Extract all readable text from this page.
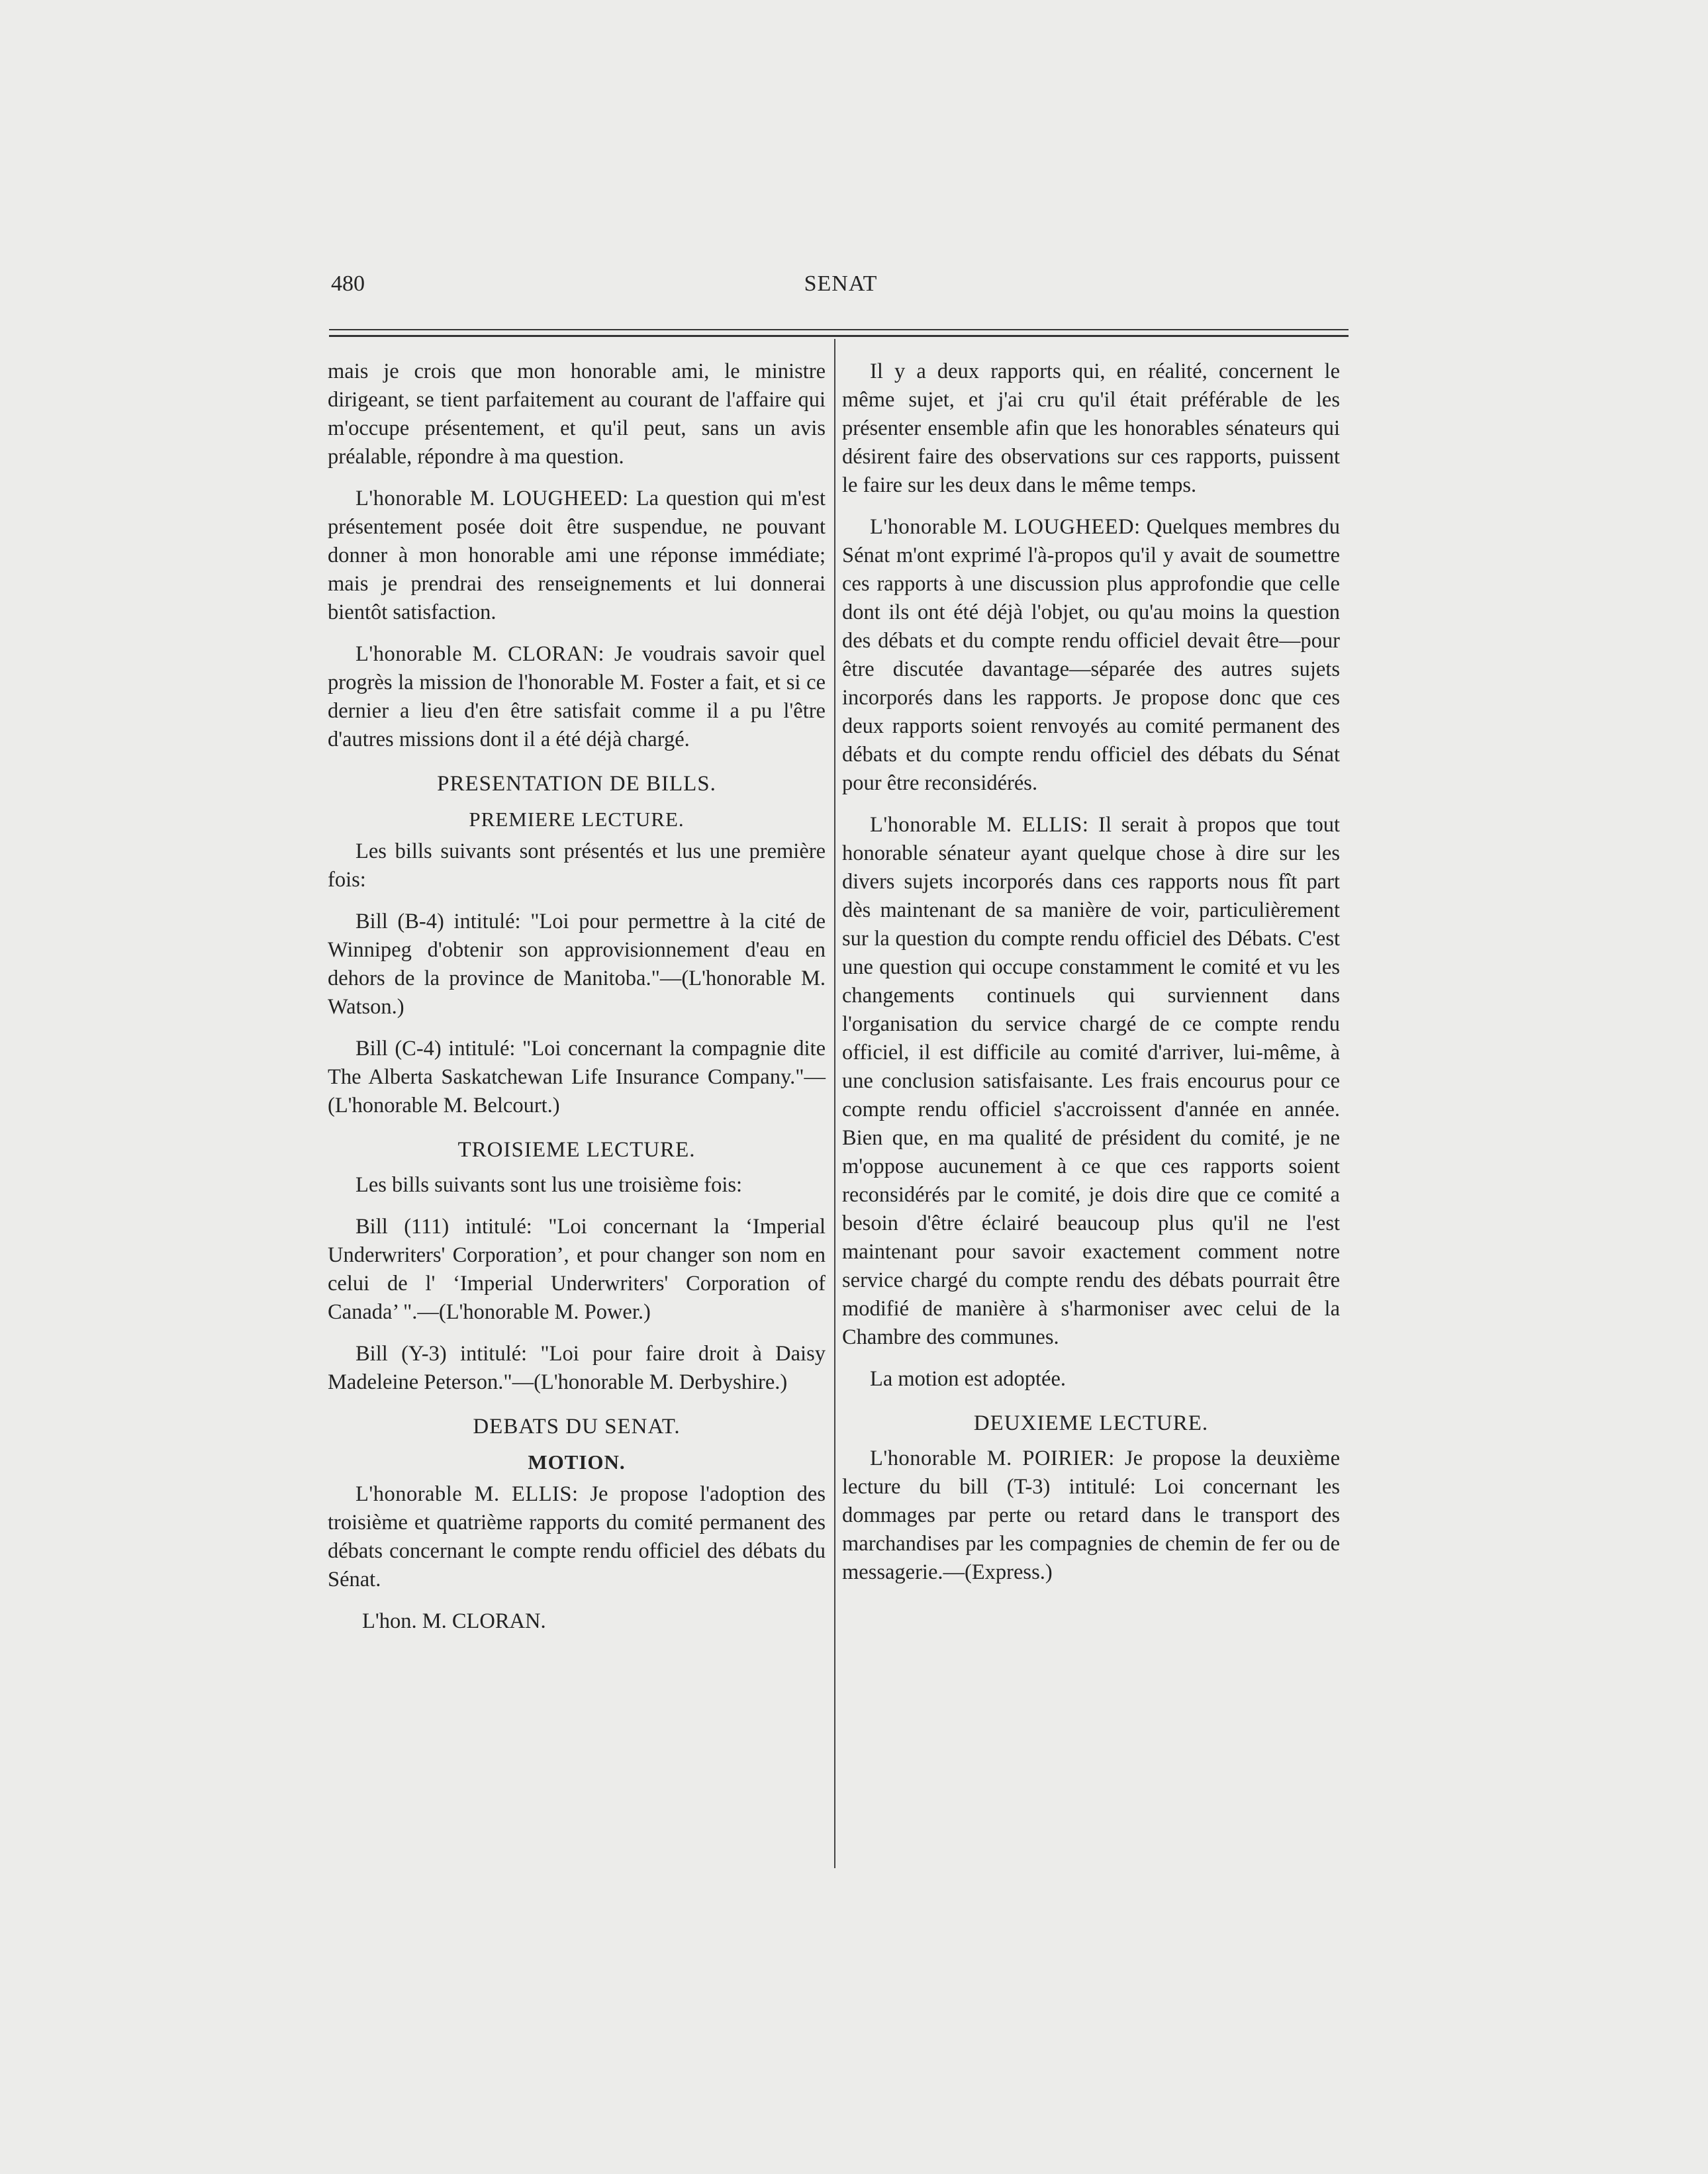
480	SENAT

mais je crois que mon honorable ami, le ministre dirigeant, se tient parfaitement au courant de l'affaire qui m'occupe présentement, et qu'il peut, sans un avis préalable, répondre à ma question.

L'honorable M. LOUGHEED: La question qui m'est présentement posée doit être suspendue, ne pouvant donner à mon honorable ami une réponse immédiate; mais je prendrai des renseignements et lui donnerai bientôt satisfaction.

L'honorable M. CLORAN: Je voudrais savoir quel progrès la mission de l'honorable M. Foster a fait, et si ce dernier a lieu d'en être satisfait comme il a pu l'être d'autres missions dont il a été déjà chargé.

PRESENTATION DE BILLS.
PREMIERE LECTURE.

Les bills suivants sont présentés et lus une première fois:

Bill (B-4) intitulé: "Loi pour permettre à la cité de Winnipeg d'obtenir son approvisionnement d'eau en dehors de la province de Manitoba."—(L'honorable M. Watson.)

Bill (C-4) intitulé: "Loi concernant la compagnie dite The Alberta Saskatchewan Life Insurance Company."—(L'honorable M. Belcourt.)

TROISIEME LECTURE.

Les bills suivants sont lus une troisième fois:

Bill (111) intitulé: "Loi concernant la ‘Imperial Underwriters' Corporation’, et pour changer son nom en celui de l' ‘Imperial Underwriters' Corporation of Canada’ ".—(L'honorable M. Power.)

Bill (Y-3) intitulé: "Loi pour faire droit à Daisy Madeleine Peterson."—(L'honorable M. Derbyshire.)

DEBATS DU SENAT.
MOTION.

L'honorable M. ELLIS: Je propose l'adoption des troisième et quatrième rapports du comité permanent des débats concernant le compte rendu officiel des débats du Sénat.

L'hon. M. CLORAN.

Il y a deux rapports qui, en réalité, concernent le même sujet, et j'ai cru qu'il était préférable de les présenter ensemble afin que les honorables sénateurs qui désirent faire des observations sur ces rapports, puissent le faire sur les deux dans le même temps.

L'honorable M. LOUGHEED: Quelques membres du Sénat m'ont exprimé l'à-propos qu'il y avait de soumettre ces rapports à une discussion plus approfondie que celle dont ils ont été déjà l'objet, ou qu'au moins la question des débats et du compte rendu officiel devait être—pour être discutée davantage—séparée des autres sujets incorporés dans les rapports. Je propose donc que ces deux rapports soient renvoyés au comité permanent des débats et du compte rendu officiel des débats du Sénat pour être reconsidérés.

L'honorable M. ELLIS: Il serait à propos que tout honorable sénateur ayant quelque chose à dire sur les divers sujets incorporés dans ces rapports nous fît part dès maintenant de sa manière de voir, particulièrement sur la question du compte rendu officiel des Débats. C'est une question qui occupe constamment le comité et vu les changements continuels qui surviennent dans l'organisation du service chargé de ce compte rendu officiel, il est difficile au comité d'arriver, lui-même, à une conclusion satisfaisante. Les frais encourus pour ce compte rendu officiel s'accroissent d'année en année. Bien que, en ma qualité de président du comité, je ne m'oppose aucunement à ce que ces rapports soient reconsidérés par le comité, je dois dire que ce comité a besoin d'être éclairé beaucoup plus qu'il ne l'est maintenant pour savoir exactement comment notre service chargé du compte rendu des débats pourrait être modifié de manière à s'harmoniser avec celui de la Chambre des communes.

La motion est adoptée.

DEUXIEME LECTURE.

L'honorable M. POIRIER: Je propose la deuxième lecture du bill (T-3) intitulé: Loi concernant les dommages par perte ou retard dans le transport des marchandises par les compagnies de chemin de fer ou de messagerie.—(Express.)
